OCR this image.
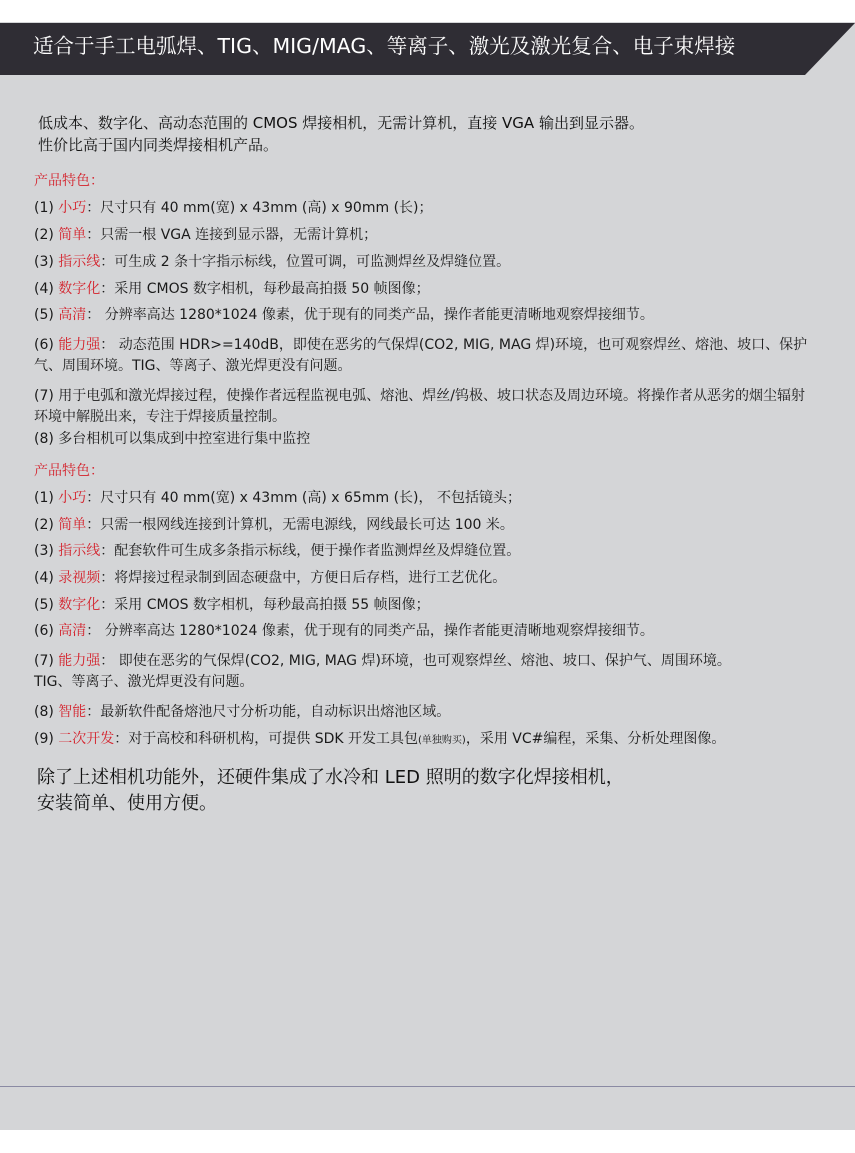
适合于手工电弧焊、TIG、MIG/MAG、等离子、激光及激光复合、电子束焊接

低成本、数字化、高动态范围的 CMOS 焊接相机，无需计算机，直接 VGA 输出到显示器。

性价比高于国内同类焊接相机产品。

产品特色：
(1) 小巧：尺寸只有 40 mm(宽) x 43mm (高) x 90mm (长)；
(2) 简单：只需一根 VGA 连接到显示器，无需计算机；
(3) 指示线：可生成 2 条十字指示标线，位置可调，可监测焊丝及焊缝位置。
(4) 数字化：采用 CMOS 数字相机，每秒最高拍摄 50 帧图像；
(5) 高清： 分辨率高达 1280*1024 像素，优于现有的同类产品，操作者能更清晰地观察焊接细节。
(6) 能力强： 动态范围 HDR>=140dB，即使在恶劣的气保焊(CO2, MIG, MAG 焊)环境，也可观察焊丝、熔池、坡口、保护气、周围环境。TIG、等离子、激光焊更没有问题。
(7) 用于电弧和激光焊接过程，使操作者远程监视电弧、熔池、焊丝/钨极、坡口状态及周边环境。将操作者从恶劣的烟尘辐射环境中解脱出来，专注于焊接质量控制。
(8) 多台相机可以集成到中控室进行集中监控
产品特色：
(1) 小巧：尺寸只有 40 mm(宽) x 43mm (高) x 65mm (长)， 不包括镜头；
(2) 简单：只需一根网线连接到计算机，无需电源线，网线最长可达 100 米。
(3) 指示线：配套软件可生成多条指示标线，便于操作者监测焊丝及焊缝位置。
(4) 录视频：将焊接过程录制到固态硬盘中，方便日后存档，进行工艺优化。
(5) 数字化：采用 CMOS 数字相机，每秒最高拍摄 55 帧图像；
(6) 高清： 分辨率高达 1280*1024 像素，优于现有的同类产品，操作者能更清晰地观察焊接细节。
(7) 能力强： 即使在恶劣的气保焊(CO2, MIG, MAG 焊)环境，也可观察焊丝、熔池、坡口、保护气、周围环境。TIG、等离子、激光焊更没有问题。
(8) 智能：最新软件配备熔池尺寸分析功能，自动标识出熔池区域。
(9) 二次开发：对于高校和科研机构，可提供 SDK 开发工具包(单独购买)，采用 VC#编程，采集、分析处理图像。

除了上述相机功能外，还硬件集成了水冷和 LED 照明的数字化焊接相机，

安装简单、使用方便。
